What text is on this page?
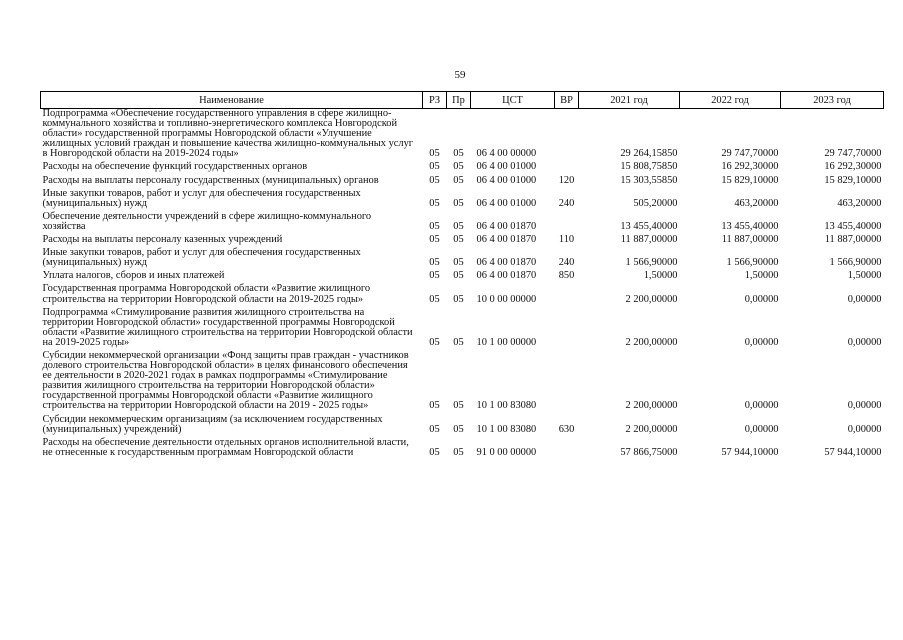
59
Наименование	РЗ	Пр	ЦСТ	ВР	2021 год	2022 год	2023 год
Подпрограмма «Обеспечение государственного управления в сфере жилищно-коммунального хозяйства и топливно-энергетического комплекса Новгородской области» государственной программы Новгородской области «Улучшение жилищных условий граждан и повышение качества жилищно-коммунальных услуг в Новгородской области на 2019-2024 годы»	05	05	06 4 00 00000		29 264,15850	29 747,70000	29 747,70000
Расходы на обеспечение функций государственных органов	05	05	06 4 00 01000		15 808,75850	16 292,30000	16 292,30000
Расходы на выплаты персоналу государственных (муниципальных) органов	05	05	06 4 00 01000	120	15 303,55850	15 829,10000	15 829,10000
Иные закупки товаров, работ и услуг для обеспечения государственных (муниципальных) нужд	05	05	06 4 00 01000	240	505,20000	463,20000	463,20000
Обеспечение деятельности учреждений в сфере жилищно-коммунального хозяйства	05	05	06 4 00 01870		13 455,40000	13 455,40000	13 455,40000
Расходы на выплаты персоналу казенных учреждений	05	05	06 4 00 01870	110	11 887,00000	11 887,00000	11 887,00000
Иные закупки товаров, работ и услуг для обеспечения государственных (муниципальных) нужд	05	05	06 4 00 01870	240	1 566,90000	1 566,90000	1 566,90000
Уплата налогов, сборов и иных платежей	05	05	06 4 00 01870	850	1,50000	1,50000	1,50000
Государственная программа Новгородской области «Развитие жилищного строительства на территории Новгородской области на 2019-2025 годы»	05	05	10 0 00 00000		2 200,00000	0,00000	0,00000
Подпрограмма «Стимулирование развития жилищного строительства на территории Новгородской области» государственной программы Новгородской области «Развитие жилищного строительства на территории Новгородской области на 2019-2025 годы»	05	05	10 1 00 00000		2 200,00000	0,00000	0,00000
Субсидии некоммерческой организации «Фонд защиты прав граждан - участников долевого строительства Новгородской области» в целях финансового обеспечения ее деятельности в 2020-2021 годах в рамках подпрограммы «Стимулирование развития жилищного строительства на территории Новгородской области» государственной программы Новгородской области «Развитие жилищного строительства на территории Новгородской области на 2019 - 2025 годы»	05	05	10 1 00 83080		2 200,00000	0,00000	0,00000
Субсидии некоммерческим организациям (за исключением государственных (муниципальных) учреждений)	05	05	10 1 00 83080	630	2 200,00000	0,00000	0,00000
Расходы на обеспечение деятельности отдельных органов исполнительной власти, не отнесенные к государственным программам Новгородской области	05	05	91 0 00 00000		57 866,75000	57 944,10000	57 944,10000
